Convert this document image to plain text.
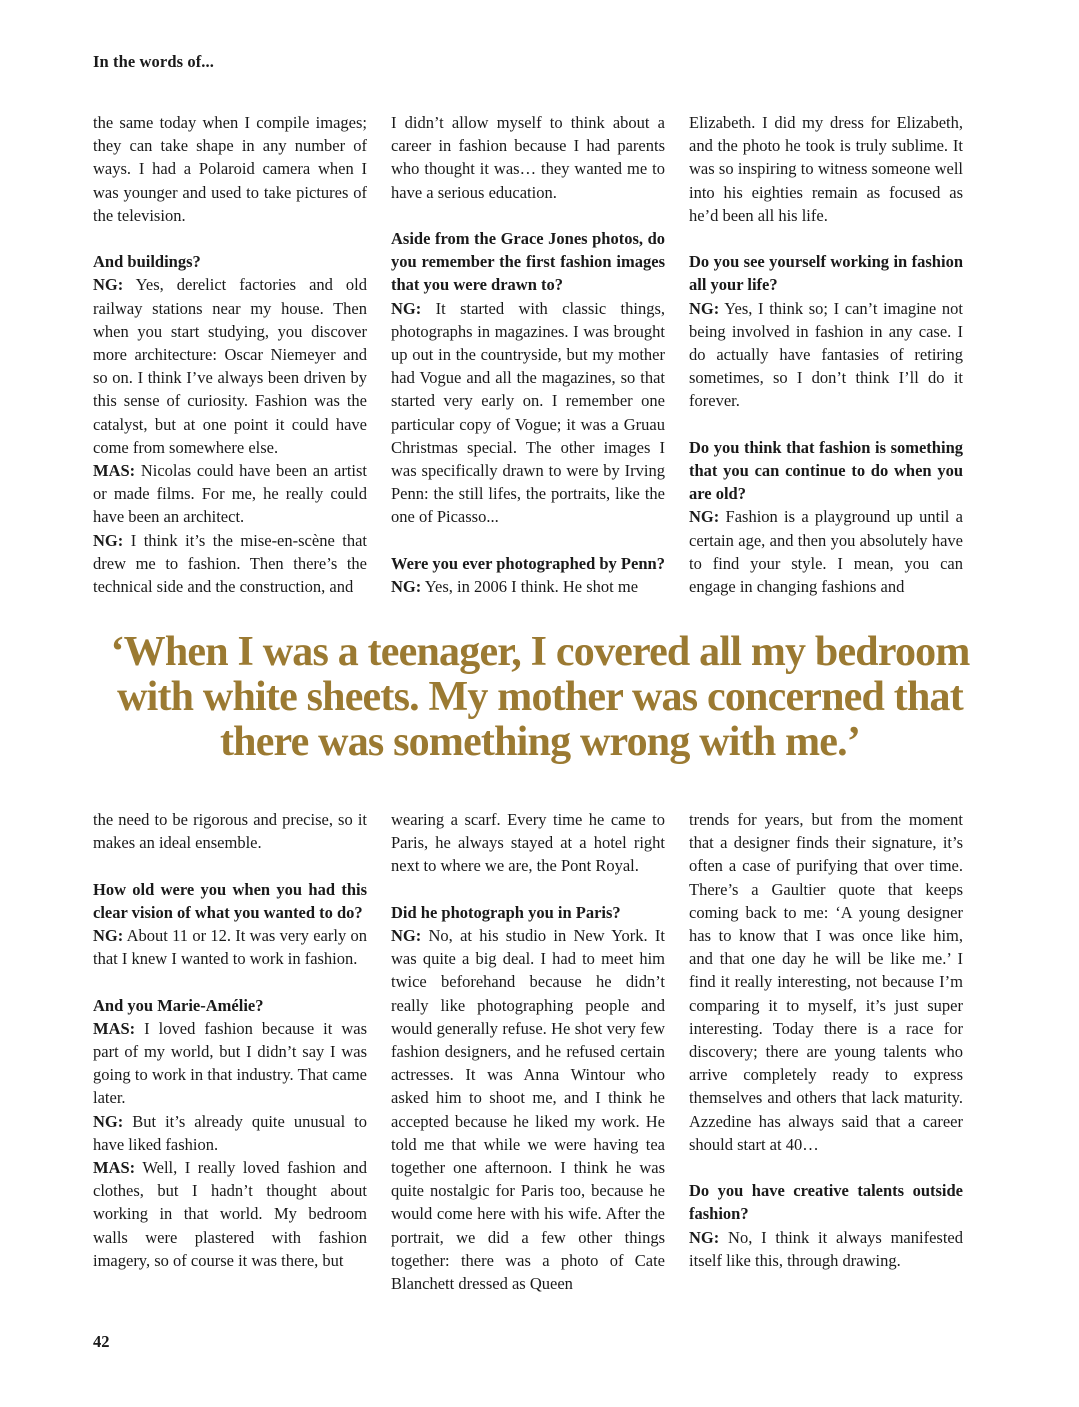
In the words of...

the same today when I compile images; they can take shape in any number of ways. I had a Polaroid camera when I was younger and used to take pictures of the television.

And buildings?

NG: Yes, derelict factories and old railway stations near my house. Then when you start studying, you discover more architecture: Oscar Niemeyer and so on. I think I’ve always been driven by this sense of curiosity. Fashion was the catalyst, but at one point it could have come from somewhere else.

MAS: Nicolas could have been an artist or made films. For me, he really could have been an architect.

NG: I think it’s the mise-en-scène that drew me to fashion. Then there’s the technical side and the construction, and

I didn’t allow myself to think about a career in fashion because I had parents who thought it was… they wanted me to have a serious education.

Aside from the Grace Jones photos, do you remember the first fashion images that you were drawn to?

NG: It started with classic things, photographs in magazines. I was brought up out in the countryside, but my mother had Vogue and all the magazines, so that started very early on. I remember one particular copy of Vogue; it was a Gruau Christmas special. The other images I was specifically drawn to were by Irving Penn: the still lifes, the portraits, like the one of Picasso...

Were you ever photographed by Penn?

NG: Yes, in 2006 I think. He shot me

Elizabeth. I did my dress for Elizabeth, and the photo he took is truly sublime. It was so inspiring to witness someone well into his eighties remain as focused as he’d been all his life.

Do you see yourself working in fashion all your life?

NG: Yes, I think so; I can’t imagine not being involved in fashion in any case. I do actually have fantasies of retiring sometimes, so I don’t think I’ll do it forever.

Do you think that fashion is something that you can continue to do when you are old?

NG: Fashion is a playground up until a certain age, and then you absolutely have to find your style. I mean, you can engage in changing fashions and

‘When I was a teenager, I covered all my bedroom
with white sheets. My mother was concerned that
there was something wrong with me.’

the need to be rigorous and precise, so it makes an ideal ensemble.

How old were you when you had this clear vision of what you wanted to do?

NG: About 11 or 12. It was very early on that I knew I wanted to work in fashion.

And you Marie-Amélie?

MAS: I loved fashion because it was part of my world, but I didn’t say I was going to work in that industry. That came later.

NG: But it’s already quite unusual to have liked fashion.

MAS: Well, I really loved fashion and clothes, but I hadn’t thought about working in that world. My bedroom walls were plastered with fashion imagery, so of course it was there, but

wearing a scarf. Every time he came to Paris, he always stayed at a hotel right next to where we are, the Pont Royal.

Did he photograph you in Paris?

NG: No, at his studio in New York. It was quite a big deal. I had to meet him twice beforehand because he didn’t really like photographing people and would generally refuse. He shot very few fashion designers, and he refused certain actresses. It was Anna Wintour who asked him to shoot me, and I think he accepted because he liked my work. He told me that while we were having tea together one afternoon. I think he was quite nostalgic for Paris too, because he would come here with his wife. After the portrait, we did a few other things together: there was a photo of Cate Blanchett dressed as Queen

trends for years, but from the moment that a designer finds their signature, it’s often a case of purifying that over time. There’s a Gaultier quote that keeps coming back to me: ‘A young designer has to know that I was once like him, and that one day he will be like me.’ I find it really interesting, not because I’m comparing it to myself, it’s just super interesting. Today there is a race for discovery; there are young talents who arrive completely ready to express themselves and others that lack maturity. Azzedine has always said that a career should start at 40…

Do you have creative talents outside fashion?

NG: No, I think it always manifested itself like this, through drawing.

42
